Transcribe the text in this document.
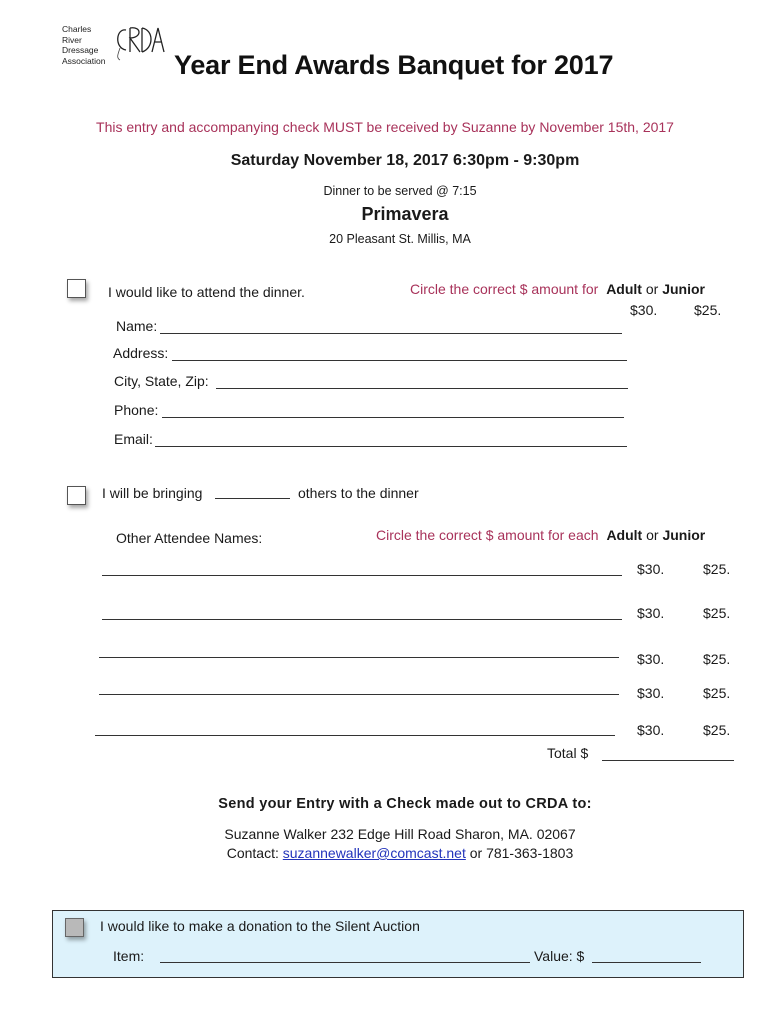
Charles
River
Dressage
Association	Year End Awards Banquet for 2017
This entry and accompanying check MUST be received by Suzanne by November 15th, 2017
Saturday November 18, 2017 6:30pm - 9:30pm
Dinner to be served @ 7:15
Primavera
20 Pleasant St. Millis, MA
I would like to attend the dinner.	Circle the correct $ amount for Adult or Junior
$30.	$25.
Name:
Address:
City, State, Zip:
Phone:
Email:
I will be bringing	others to the dinner
Other Attendee Names:	Circle the correct $ amount for each Adult or Junior
$30.	$25.
$30.	$25.
$30.	$25.
$30.	$25.
$30.	$25.
Total $
Send your Entry with a Check made out to CRDA to:
Suzanne Walker 232 Edge Hill Road Sharon, MA. 02067
Contact: suzannewalker@comcast.net or 781-363-1803
I would like to make a donation to the Silent Auction
Item:	Value: $
